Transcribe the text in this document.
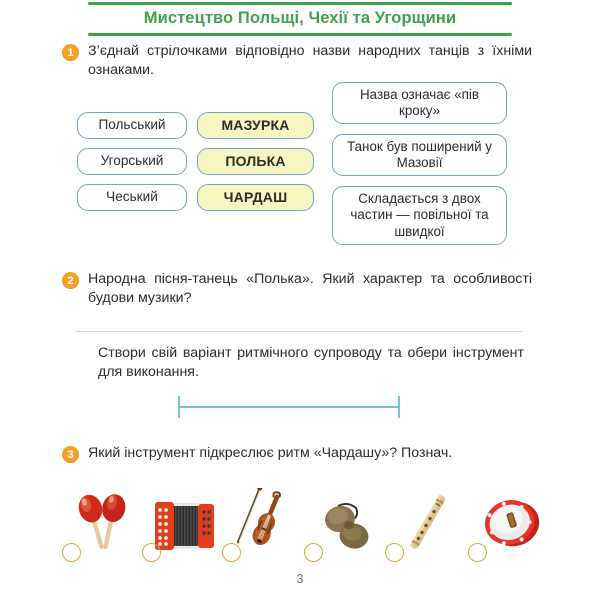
Мистецтво Польщі, Чехії та Угорщини
1	З’єднай стрілочками відповідно назви народних танців з їхніми ознаками.
Польський
Угорський
Чеський
МАЗУРКА
ПОЛЬКА
ЧАРДАШ
Назва означає «пів кроку»
Танок був поширений у Мазовії
Складається з двох частин — повільної та швидкої
2	Народна пісня-танець «Полька». Який характер та особливості будови музики?
Створи свій варіант ритмічного супроводу та обери інструмент для виконання.
3	Який інструмент підкреслює ритм «Чардашу»? Познач.
3
